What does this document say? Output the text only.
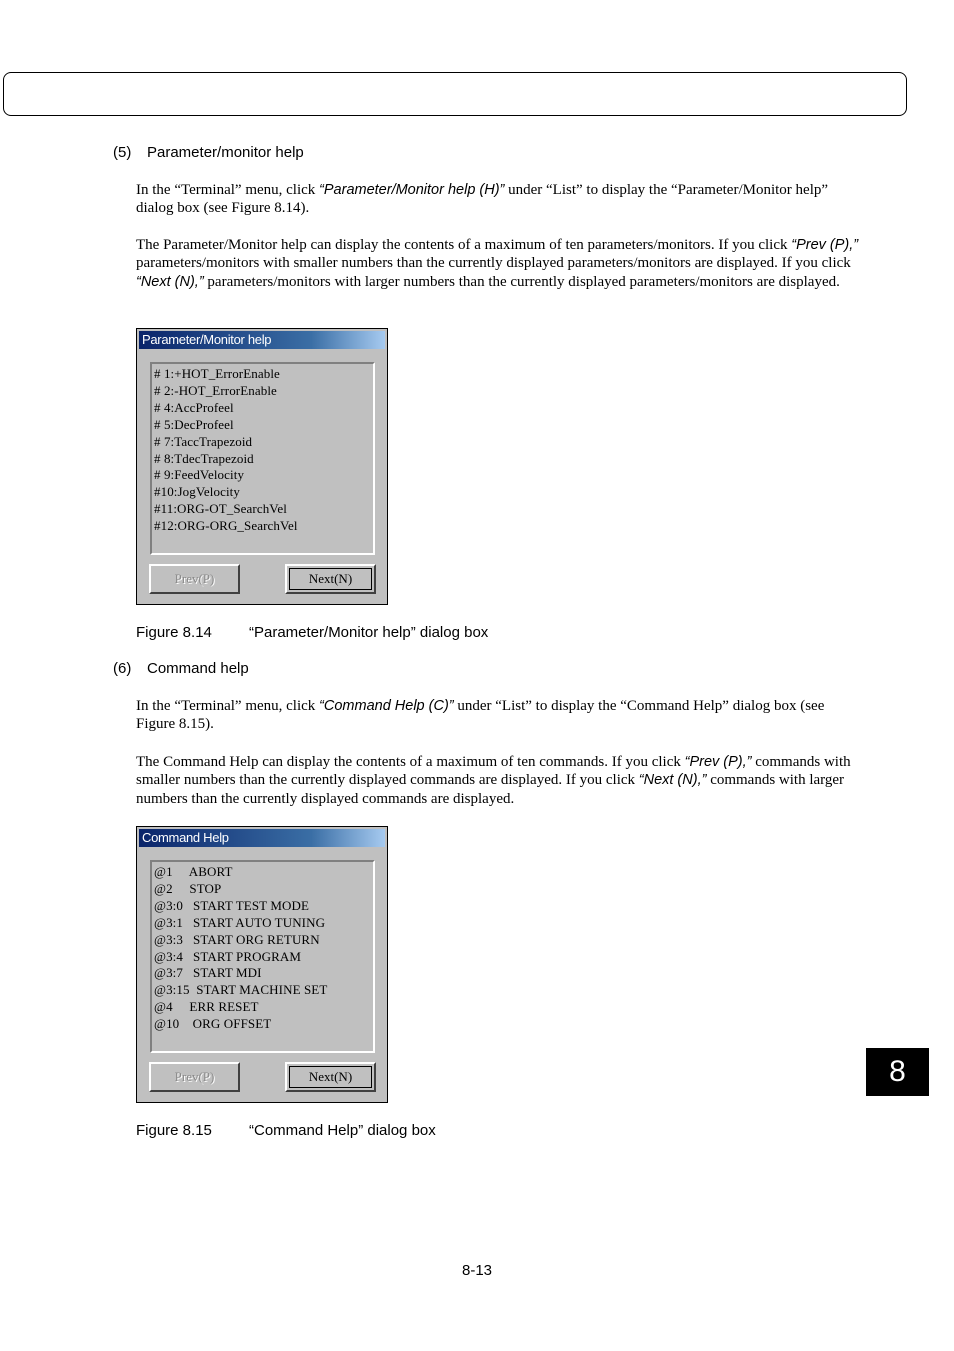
(5) Parameter/monitor help
In the “Terminal” menu, click “Parameter/Monitor help (H)” under “List” to display the “Parameter/Monitor help” dialog box (see Figure 8.14).
The Parameter/Monitor help can display the contents of a maximum of ten parameters/monitors. If you click “Prev (P),” parameters/monitors with smaller numbers than the currently displayed parameters/monitors are displayed. If you click “Next (N),” parameters/monitors with larger numbers than the currently displayed parameters/monitors are displayed.
Parameter/Monitor help
# 1:+HOT_ErrorEnable
# 2:-HOT_ErrorEnable
# 4:AccProfeel
# 5:DecProfeel
# 7:TaccTrapezoid
# 8:TdecTrapezoid
# 9:FeedVelocity
#10:JogVelocity
#11:ORG-OT_SearchVel
#12:ORG-ORG_SearchVel
Prev(P)	Next(N)
Figure 8.14 “Parameter/Monitor help” dialog box
(6) Command help
In the “Terminal” menu, click “Command Help (C)” under “List” to display the “Command Help” dialog box (see Figure 8.15).
The Command Help can display the contents of a maximum of ten commands. If you click “Prev (P),” commands with smaller numbers than the currently displayed commands are displayed. If you click “Next (N),” commands with larger numbers than the currently displayed commands are displayed.
Command Help
@1     ABORT
@2     STOP
@3:0   START TEST MODE
@3:1   START AUTO TUNING
@3:3   START ORG RETURN
@3:4   START PROGRAM
@3:7   START MDI
@3:15  START MACHINE SET
@4     ERR RESET
@10    ORG OFFSET
Prev(P)	Next(N)
Figure 8.15 “Command Help” dialog box
8
8-13
